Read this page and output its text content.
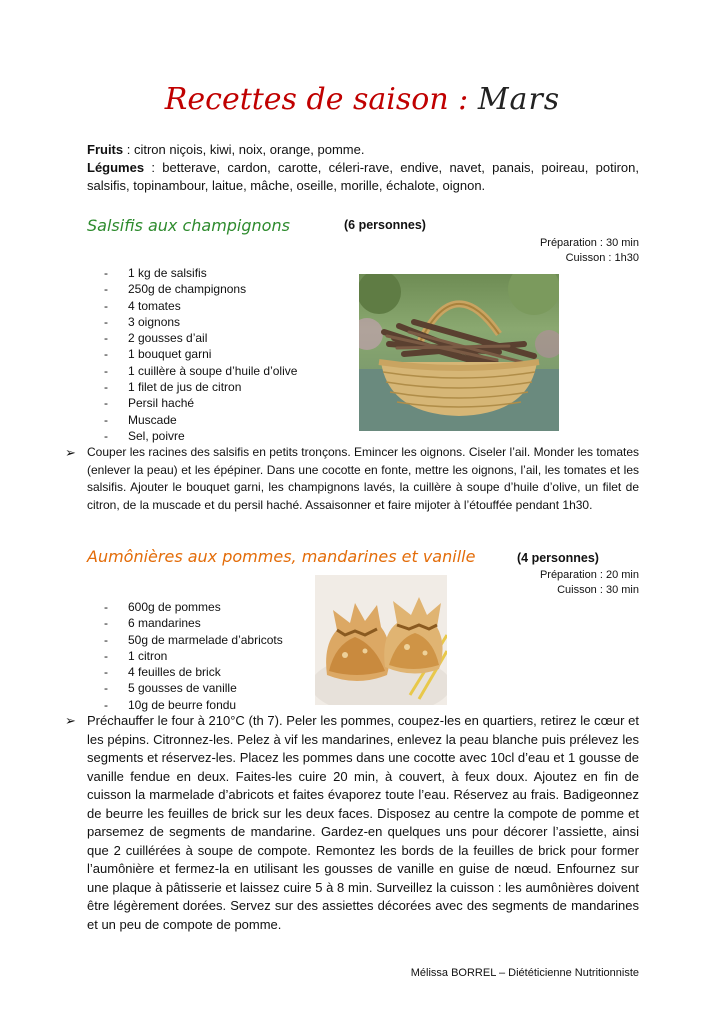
Recettes de saison : Mars
Fruits : citron niçois, kiwi, noix, orange, pomme.
Légumes : betterave, cardon, carotte, céleri-rave, endive, navet, panais, poireau, potiron, salsifis, topinambour, laitue, mâche, oseille, morille, échalote, oignon.
Salsifis aux champignons	(6 personnes)
Préparation : 30 min
Cuisson : 1h30
- 1 kg de salsifis
- 250g de champignons
- 4 tomates
- 3 oignons
- 2 gousses d’ail
- 1 bouquet garni
- 1 cuillère à soupe d’huile d’olive
- 1 filet de jus de citron
- Persil haché
- Muscade
- Sel, poivre
➢ Couper les racines des salsifis en petits tronçons. Emincer les oignons. Ciseler l’ail. Monder les tomates (enlever la peau) et les épépiner. Dans une cocotte en fonte, mettre les oignons, l’ail, les tomates et les salsifis. Ajouter le bouquet garni, les champignons lavés, la cuillère à soupe d’huile d’olive, un filet de citron, de la muscade et du persil haché. Assaisonner et faire mijoter à l’étouffée pendant 1h30.
Aumônières aux pommes, mandarines et vanille	(4 personnes)
Préparation : 20 min
Cuisson : 30 min
- 600g de pommes
- 6 mandarines
- 50g de marmelade d’abricots
- 1 citron
- 4 feuilles de brick
- 5 gousses de vanille
- 10g de beurre fondu
➢ Préchauffer le four à 210°C (th 7). Peler les pommes, coupez-les en quartiers, retirez le cœur et les pépins. Citronnez-les. Pelez à vif les mandarines, enlevez la peau blanche puis prélevez les segments et réservez-les. Placez les pommes dans une cocotte avec 10cl d’eau et 1 gousse de vanille fendue en deux. Faites-les cuire 20 min, à couvert, à feux doux. Ajoutez en fin de cuisson la marmelade d’abricots et faites évaporez toute l’eau. Réservez au frais. Badigeonnez de beurre les feuilles de brick sur les deux faces. Disposez au centre la compote de pomme et parsemez de segments de mandarine. Gardez-en quelques uns pour décorer l’assiette, ainsi que 2 cuillérées à soupe de compote. Remontez les bords de la feuilles de brick pour former l’aumônière et fermez-la en utilisant les gousses de vanille en guise de nœud. Enfournez sur une plaque à pâtisserie et laissez cuire 5 à 8 min. Surveillez la cuisson : les aumônières doivent être légèrement dorées. Servez sur des assiettes décorées avec des segments de mandarines et un peu de compote de pomme.
Mélissa BORREL – Diététicienne Nutritionniste
